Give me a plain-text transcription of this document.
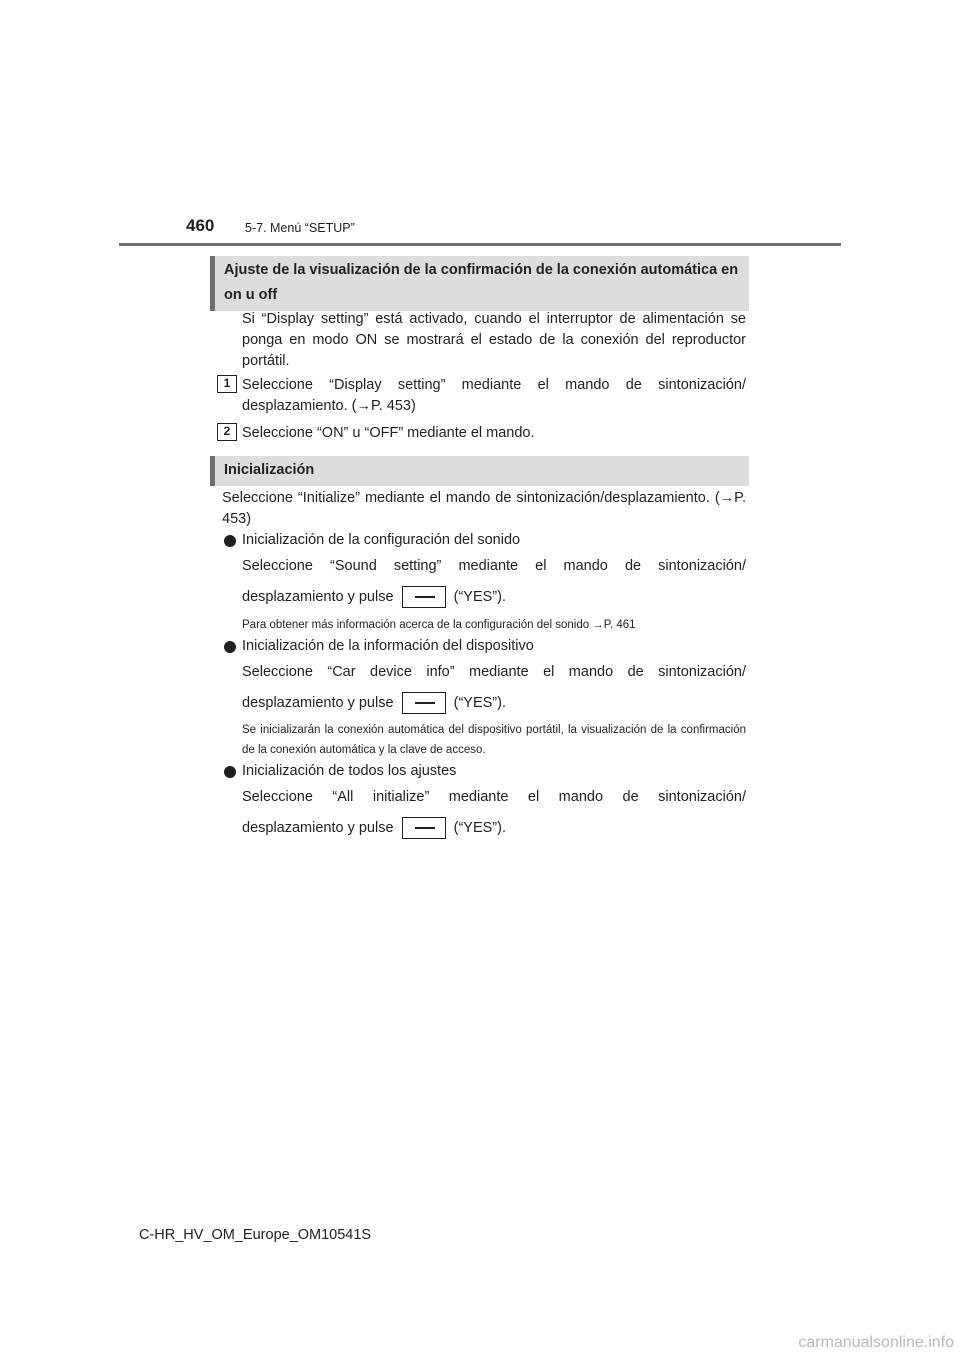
460 5-7. Menú “SETUP”
Ajuste de la visualización de la confirmación de la conexión automática en on u off
Si “Display setting” está activado, cuando el interruptor de alimentación se ponga en modo ON se mostrará el estado de la conexión del reproductor portátil.
1 Seleccione “Display setting” mediante el mando de sintonización/ desplazamiento. (→P. 453)
2 Seleccione “ON” u “OFF” mediante el mando.
Inicialización
Seleccione “Initialize” mediante el mando de sintonización/desplazamiento. (→P. 453)
Inicialización de la configuración del sonido
Seleccione “Sound setting” mediante el mando de sintonización/
desplazamiento y pulse	(“YES”).
Para obtener más información acerca de la configuración del sonido →P. 461
Inicialización de la información del dispositivo
Seleccione “Car device info” mediante el mando de sintonización/
desplazamiento y pulse	(“YES”).
Se inicializarán la conexión automática del dispositivo portátil, la visualización de la confirmación de la conexión automática y la clave de acceso.
Inicialización de todos los ajustes
Seleccione “All initialize” mediante el mando de sintonización/
desplazamiento y pulse	(“YES”).
C-HR_HV_OM_Europe_OM10541S
carmanualsonline.info
